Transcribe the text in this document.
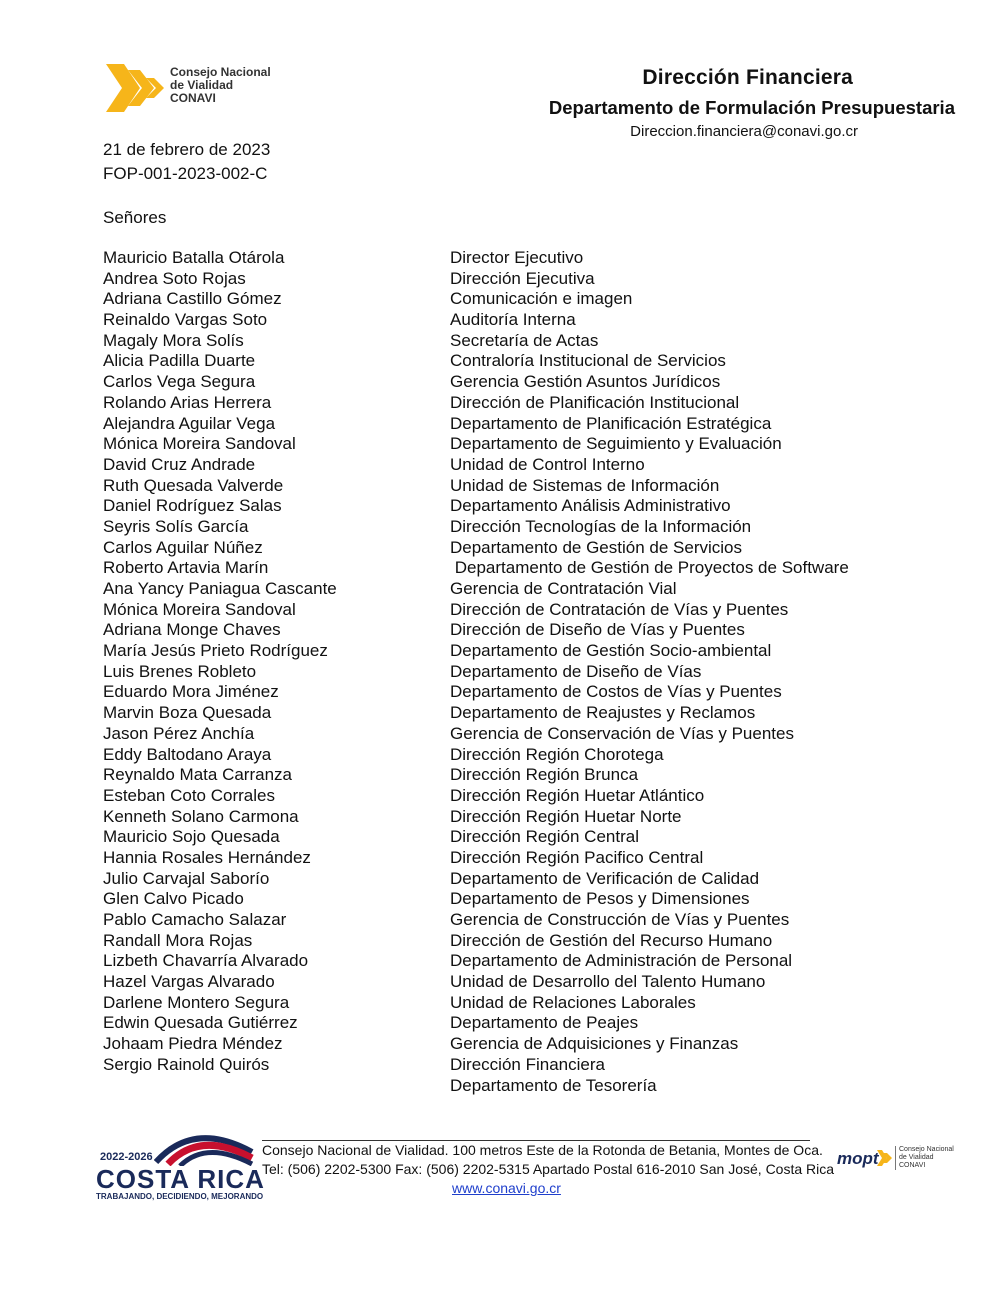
Consejo Nacional
de Vialidad
CONAVI
Dirección Financiera
Departamento de Formulación Presupuestaria
Direccion.financiera@conavi.go.cr
21 de febrero de 2023
FOP-001-2023-002-C
Señores
Mauricio Batalla Otárola	Director Ejecutivo
Andrea Soto Rojas	Dirección Ejecutiva
Adriana Castillo Gómez	Comunicación e imagen
Reinaldo Vargas Soto	Auditoría Interna
Magaly Mora Solís	Secretaría de Actas
Alicia Padilla Duarte	Contraloría Institucional de Servicios
Carlos Vega Segura	Gerencia Gestión Asuntos Jurídicos
Rolando Arias Herrera	Dirección de Planificación Institucional
Alejandra Aguilar Vega	Departamento de Planificación Estratégica
Mónica Moreira Sandoval	Departamento de Seguimiento y Evaluación
David Cruz Andrade	Unidad de Control Interno
Ruth Quesada Valverde	Unidad de Sistemas de Información
Daniel Rodríguez Salas	Departamento Análisis Administrativo
Seyris Solís García	Dirección Tecnologías de la Información
Carlos Aguilar Núñez	Departamento de Gestión de Servicios
Roberto Artavia Marín	Departamento de Gestión de Proyectos de Software
Ana Yancy Paniagua Cascante	Gerencia de Contratación Vial
Mónica Moreira Sandoval	Dirección de Contratación de Vías y Puentes
Adriana Monge Chaves	Dirección de Diseño de Vías y Puentes
María Jesús Prieto Rodríguez	Departamento de Gestión Socio-ambiental
Luis Brenes Robleto	Departamento de Diseño de Vías
Eduardo Mora Jiménez	Departamento de Costos de Vías y Puentes
Marvin Boza Quesada	Departamento de Reajustes y Reclamos
Jason Pérez Anchía	Gerencia de Conservación de Vías y Puentes
Eddy Baltodano Araya	Dirección Región Chorotega
Reynaldo Mata Carranza	Dirección Región Brunca
Esteban Coto Corrales	Dirección Región Huetar Atlántico
Kenneth Solano Carmona	Dirección Región Huetar Norte
Mauricio Sojo Quesada	Dirección Región Central
Hannia Rosales Hernández	Dirección Región Pacifico Central
Julio Carvajal Saborío	Departamento de Verificación de Calidad
Glen Calvo Picado	Departamento de Pesos y Dimensiones
Pablo Camacho Salazar	Gerencia de Construcción de Vías y Puentes
Randall Mora Rojas	Dirección de Gestión del Recurso Humano
Lizbeth Chavarría Alvarado	Departamento de Administración de Personal
Hazel Vargas Alvarado	Unidad de Desarrollo del Talento Humano
Darlene Montero Segura	Unidad de Relaciones Laborales
Edwin Quesada Gutiérrez	Departamento de Peajes
Johaam Piedra Méndez	Gerencia de Adquisiciones y Finanzas
Sergio Rainold Quirós	Dirección Financiera
Departamento de Tesorería
2022-2026
COSTA RICA
TRABAJANDO, DECIDIENDO, MEJORANDO
Consejo Nacional de Vialidad. 100 metros Este de la Rotonda de Betania, Montes de Oca.
Tel: (506) 2202-5300 Fax: (506) 2202-5315 Apartado Postal 616-2010 San José, Costa Rica
www.conavi.go.cr
mopt	Consejo Nacional
de Vialidad
CONAVI
